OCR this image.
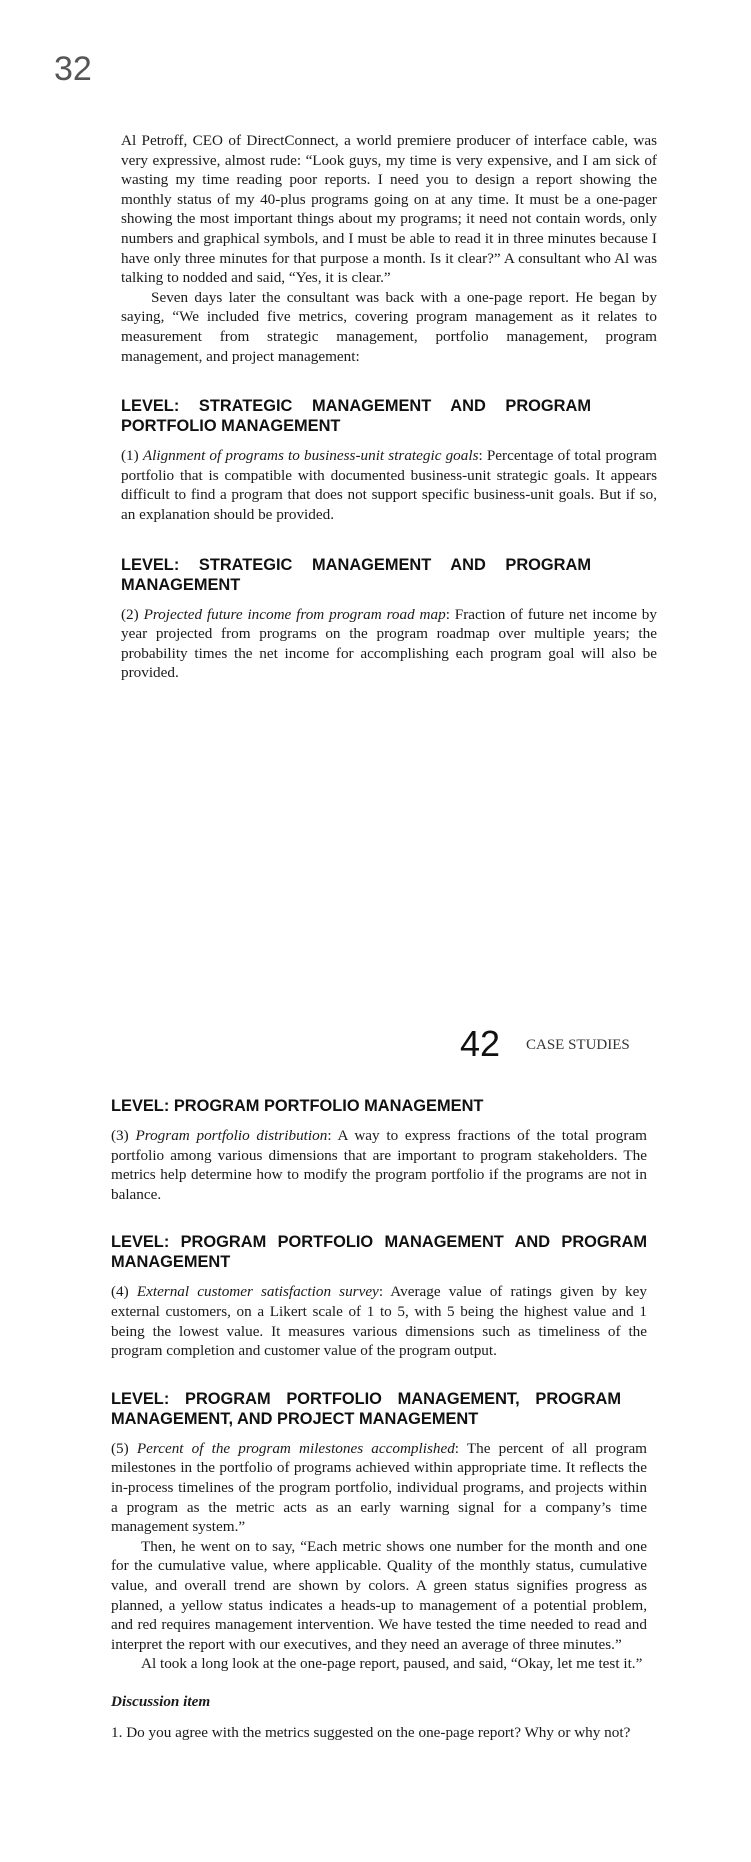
32

Al Petroff, CEO of DirectConnect, a world premiere producer of interface cable, was very expressive, almost rude: “Look guys, my time is very expensive, and I am sick of wasting my time reading poor reports. I need you to design a report showing the monthly status of my 40-plus programs going on at any time. It must be a one-pager showing the most important things about my programs; it need not contain words, only numbers and graphical symbols, and I must be able to read it in three minutes because I have only three minutes for that purpose a month. Is it clear?” A consultant who Al was talking to nodded and said, “Yes, it is clear.”

Seven days later the consultant was back with a one-page report. He began by saying, “We included five metrics, covering program management as it relates to measurement from strategic management, portfolio management, program management, and project management:

LEVEL: STRATEGIC MANAGEMENT AND PROGRAM PORTFOLIO MANAGEMENT

(1) Alignment of programs to business-unit strategic goals: Percentage of total program portfolio that is compatible with documented business-unit strategic goals. It appears difficult to find a program that does not support specific business-unit goals. But if so, an explanation should be provided.

LEVEL: STRATEGIC MANAGEMENT AND PROGRAM MANAGEMENT

(2) Projected future income from program road map: Fraction of future net income by year projected from programs on the program roadmap over multiple years; the probability times the net income for accomplishing each program goal will also be provided.

42 CASE STUDIES
LEVEL: PROGRAM PORTFOLIO MANAGEMENT

(3) Program portfolio distribution: A way to express fractions of the total program portfolio among various dimensions that are important to program stakeholders. The metrics help determine how to modify the program portfolio if the programs are not in balance.

LEVEL: PROGRAM PORTFOLIO MANAGEMENT AND PROGRAM MANAGEMENT

(4) External customer satisfaction survey: Average value of ratings given by key external customers, on a Likert scale of 1 to 5, with 5 being the highest value and 1 being the lowest value. It measures various dimensions such as timeliness of the program completion and customer value of the program output.

LEVEL: PROGRAM PORTFOLIO MANAGEMENT, PROGRAM MANAGEMENT, AND PROJECT MANAGEMENT

(5) Percent of the program milestones accomplished: The percent of all program milestones in the portfolio of programs achieved within appropriate time. It reflects the in-process timelines of the program portfolio, individual programs, and projects within a program as the metric acts as an early warning signal for a company’s time management system.”

Then, he went on to say, “Each metric shows one number for the month and one for the cumulative value, where applicable. Quality of the monthly status, cumulative value, and overall trend are shown by colors. A green status signifies progress as planned, a yellow status indicates a heads-up to management of a potential problem, and red requires management intervention. We have tested the time needed to read and interpret the report with our executives, and they need an average of three minutes.”

Al took a long look at the one-page report, paused, and said, “Okay, let me test it.”

Discussion item

1. Do you agree with the metrics suggested on the one-page report? Why or why not?
